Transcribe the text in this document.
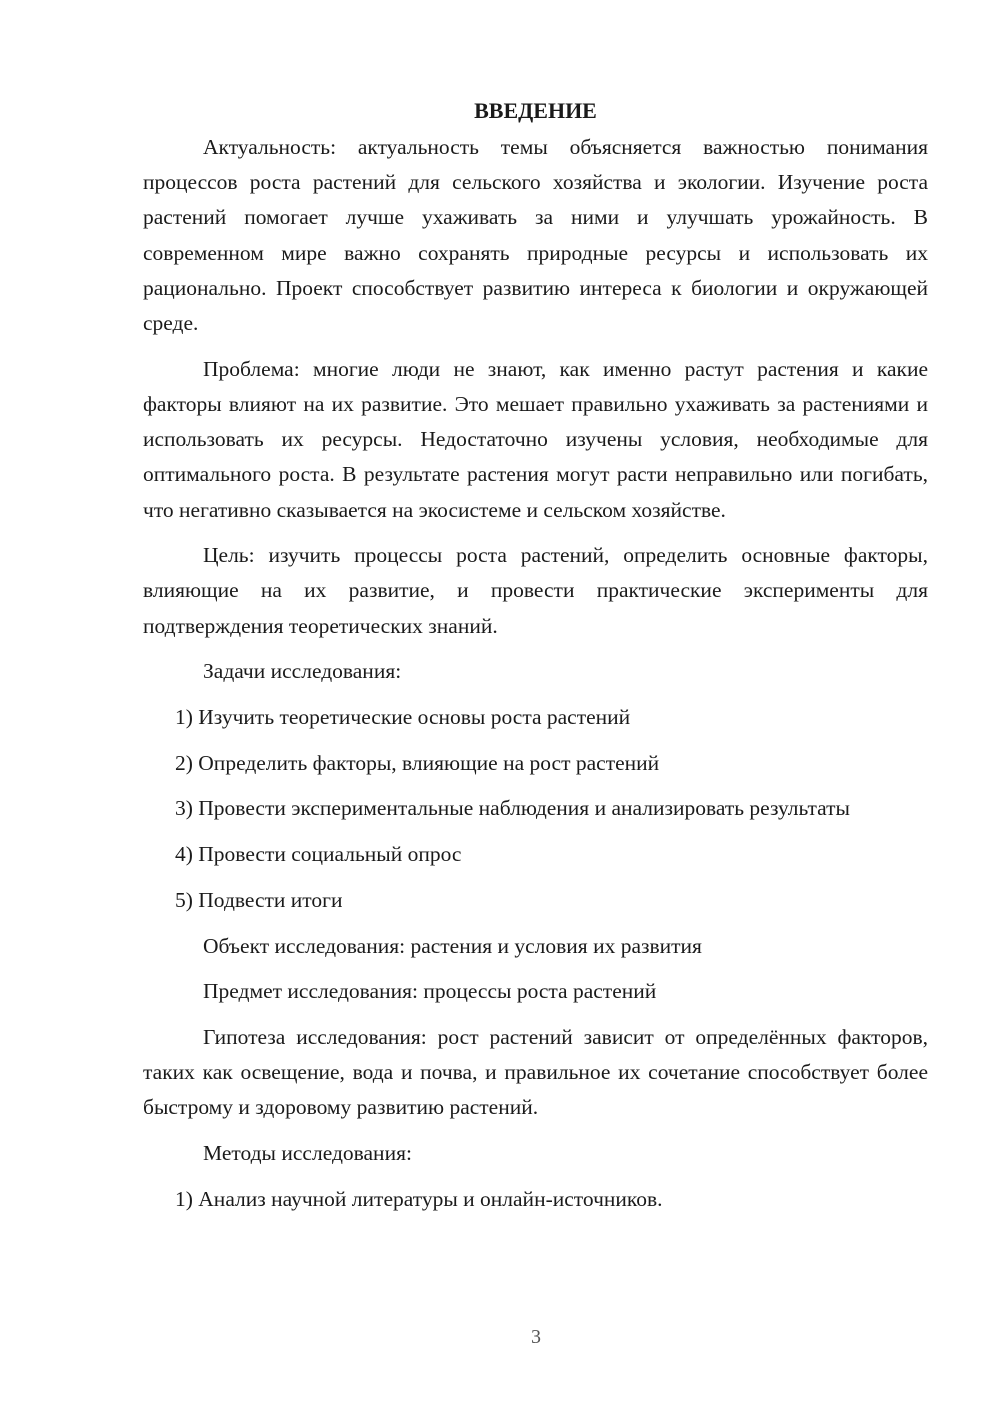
ВВЕДЕНИЕ

Актуальность: актуальность темы объясняется важностью понимания процессов роста растений для сельского хозяйства и экологии. Изучение роста растений помогает лучше ухаживать за ними и улучшать урожайность. В современном мире важно сохранять природные ресурсы и использовать их рационально. Проект способствует развитию интереса к биологии и окружающей среде.

Проблема: многие люди не знают, как именно растут растения и какие факторы влияют на их развитие. Это мешает правильно ухаживать за растениями и использовать их ресурсы. Недостаточно изучены условия, необходимые для оптимального роста. В результате растения могут расти неправильно или погибать, что негативно сказывается на экосистеме и сельском хозяйстве.

Цель: изучить процессы роста растений, определить основные факторы, влияющие на их развитие, и провести практические эксперименты для подтверждения теоретических знаний.

Задачи исследования:

1) Изучить теоретические основы роста растений

2) Определить факторы, влияющие на рост растений

3) Провести экспериментальные наблюдения и анализировать результаты

4) Провести социальный опрос

5) Подвести итоги

Объект исследования: растения и условия их развития

Предмет исследования: процессы роста растений

Гипотеза исследования: рост растений зависит от определённых факторов, таких как освещение, вода и почва, и правильное их сочетание способствует более быстрому и здоровому развитию растений.

Методы исследования:

1) Анализ научной литературы и онлайн-источников.

3
